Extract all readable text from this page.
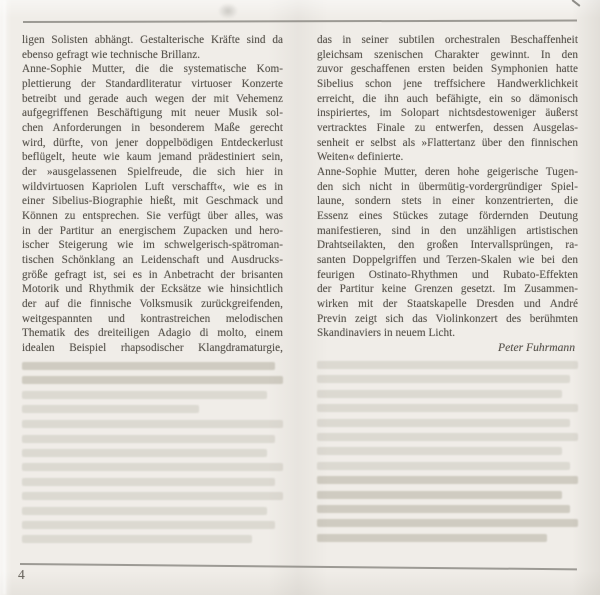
ligen Solisten abhängt. Gestalterische Kräfte sind da
ebenso gefragt wie technische Brillanz.
Anne-Sophie Mutter, die die systematische Kom-
plettierung der Standardliteratur virtuoser Konzerte
betreibt und gerade auch wegen der mit Vehemenz
aufgegriffenen Beschäftigung mit neuer Musik sol-
chen Anforderungen in besonderem Maße gerecht
wird, dürfte, von jener doppelbödigen Entdeckerlust
beflügelt, heute wie kaum jemand prädestiniert sein,
der »ausgelassenen Spielfreude, die sich hier in
wildvirtuosen Kapriolen Luft verschafft«, wie es in
einer Sibelius-Biographie hießt, mit Geschmack und
Können zu entsprechen. Sie verfügt über alles, was
in der Partitur an energischem Zupacken und hero-
ischer Steigerung wie im schwelgerisch-spätroman-
tischen Schönklang an Leidenschaft und Ausdrucks-
größe gefragt ist, sei es in Anbetracht der brisanten
Motorik und Rhythmik der Ecksätze wie hinsichtlich
der auf die finnische Volksmusik zurückgreifenden,
weitgespannten und kontrastreichen melodischen
Thematik des dreiteiligen Adagio di molto, einem
idealen Beispiel rhapsodischer Klangdramaturgie,
das in seiner subtilen orchestralen Beschaffenheit
gleichsam szenischen Charakter gewinnt. In den
zuvor geschaffenen ersten beiden Symphonien hatte
Sibelius schon jene treffsichere Handwerklichkeit
erreicht, die ihn auch befähigte, ein so dämonisch
inspiriertes, im Solopart nichtsdestoweniger äußerst
vertracktes Finale zu entwerfen, dessen Ausgelas-
senheit er selbst als »Flattertanz über den finnischen
Weiten« definierte.
Anne-Sophie Mutter, deren hohe geigerische Tugen-
den sich nicht in übermütig-vordergründiger Spiel-
laune, sondern stets in einer konzentrierten, die
Essenz eines Stückes zutage fördernden Deutung
manifestieren, sind in den unzähligen artistischen
Drahtseilakten, den großen Intervallsprüngen, ra-
santen Doppelgriffen und Terzen-Skalen wie bei den
feurigen Ostinato-Rhythmen und Rubato-Effekten
der Partitur keine Grenzen gesetzt. Im Zusammen-
wirken mit der Staatskapelle Dresden und André
Previn zeigt sich das Violinkonzert des berühmten
Skandinaviers in neuem Licht.
Peter Fuhrmann
4
